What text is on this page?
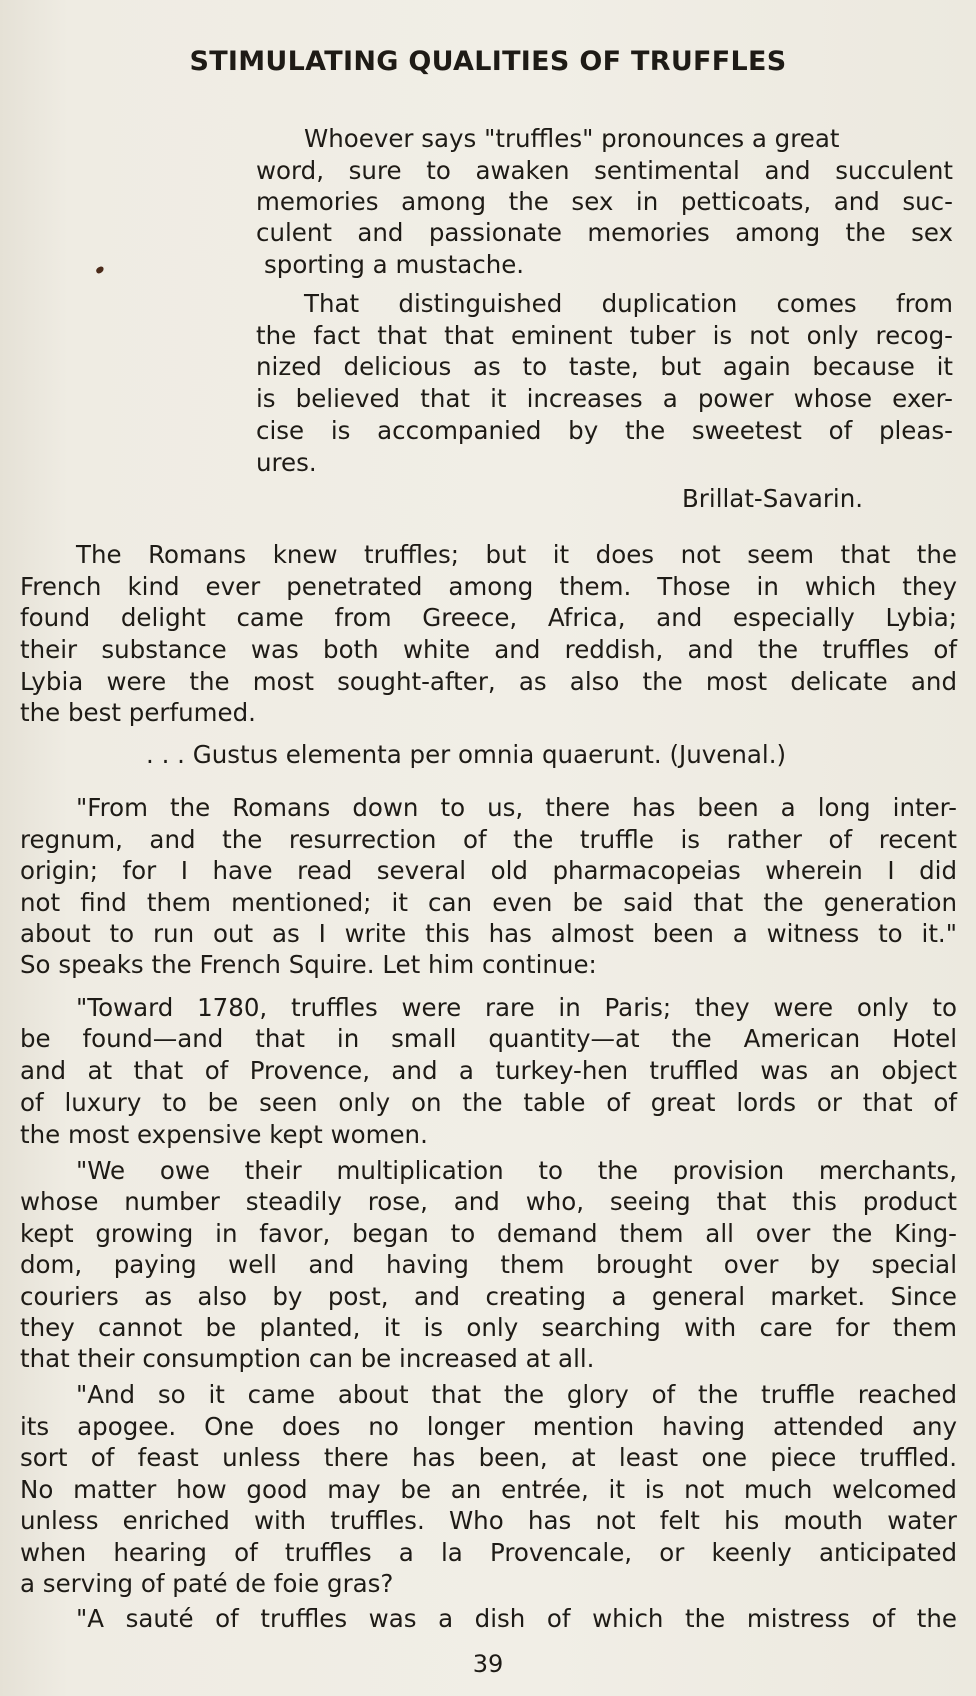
STIMULATING QUALITIES OF TRUFFLES
Whoever says "truffles" pronounces a great
word, sure to awaken sentimental and succulent
memories among the sex in petticoats, and suc-
culent and passionate memories among the sex
sporting a mustache.
That distinguished duplication comes from
the fact that that eminent tuber is not only recog-
nized delicious as to taste, but again because it
is believed that it increases a power whose exer-
cise is accompanied by the sweetest of pleas-
ures.
Brillat-Savarin.
The Romans knew truffles; but it does not seem that the
French kind ever penetrated among them. Those in which they
found delight came from Greece, Africa, and especially Lybia;
their substance was both white and reddish, and the truffles of
Lybia were the most sought-after, as also the most delicate and
the best perfumed.
. . . Gustus elementa per omnia quaerunt. (Juvenal.)
"From the Romans down to us, there has been a long inter-
regnum, and the resurrection of the truffle is rather of recent
origin; for I have read several old pharmacopeias wherein I did
not find them mentioned; it can even be said that the generation
about to run out as I write this has almost been a witness to it."
So speaks the French Squire. Let him continue:
"Toward 1780, truffles were rare in Paris; they were only to
be found—and that in small quantity—at the American Hotel
and at that of Provence, and a turkey-hen truffled was an object
of luxury to be seen only on the table of great lords or that of
the most expensive kept women.
"We owe their multiplication to the provision merchants,
whose number steadily rose, and who, seeing that this product
kept growing in favor, began to demand them all over the King-
dom, paying well and having them brought over by special
couriers as also by post, and creating a general market. Since
they cannot be planted, it is only searching with care for them
that their consumption can be increased at all.
"And so it came about that the glory of the truffle reached
its apogee. One does no longer mention having attended any
sort of feast unless there has been, at least one piece truffled.
No matter how good may be an entrée, it is not much welcomed
unless enriched with truffles. Who has not felt his mouth water
when hearing of truffles a la Provencale, or keenly anticipated
a serving of paté de foie gras?
"A sauté of truffles was a dish of which the mistress of the
39
